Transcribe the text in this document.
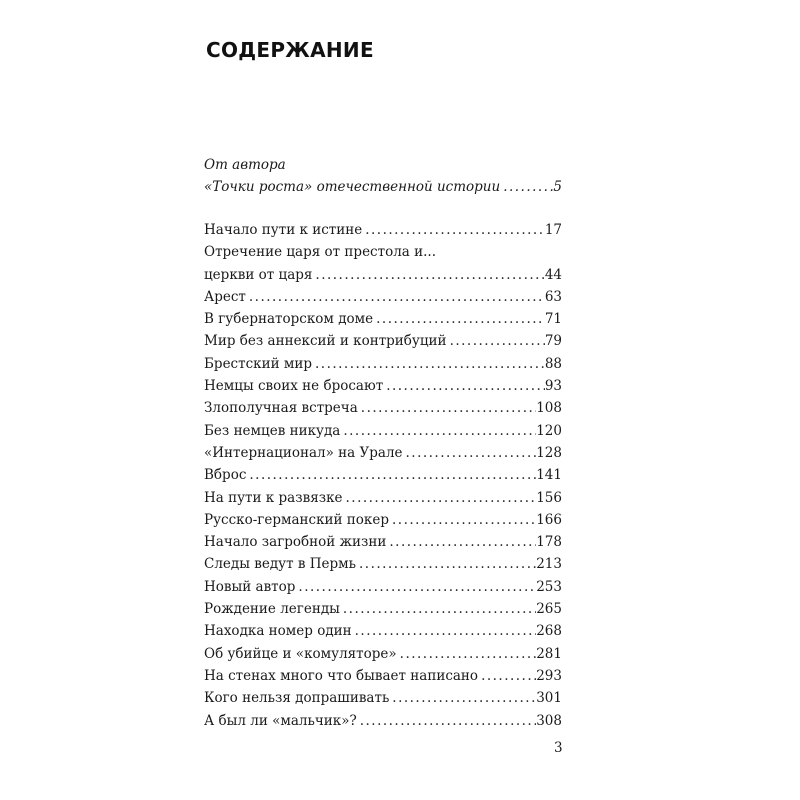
СОДЕРЖАНИЕ
От автора
«Точки роста» отечественной истории . . .	5
Начало пути к истине . . .	17
Отречение царя от престола и...
церкви от царя . . .	44
Арест . . .	63
В губернаторском доме . . .	71
Мир без аннексий и контрибуций . . .	79
Брестский мир . . .	88
Немцы своих не бросают . . .	93
Злополучная встреча . . .	108
Без немцев никуда . . .	120
«Интернационал» на Урале . . .	128
Вброс . . .	141
На пути к развязке . . .	156
Русско-германский покер . . .	166
Начало загробной жизни . . .	178
Следы ведут в Пермь . . .	213
Новый автор . . .	253
Рождение легенды . . .	265
Находка номер один . . .	268
Об убийце и «комуляторе» . . .	281
На стенах много что бывает написано . . .	293
Кого нельзя допрашивать . . .	301
А был ли «мальчик»? . . .	308
3
